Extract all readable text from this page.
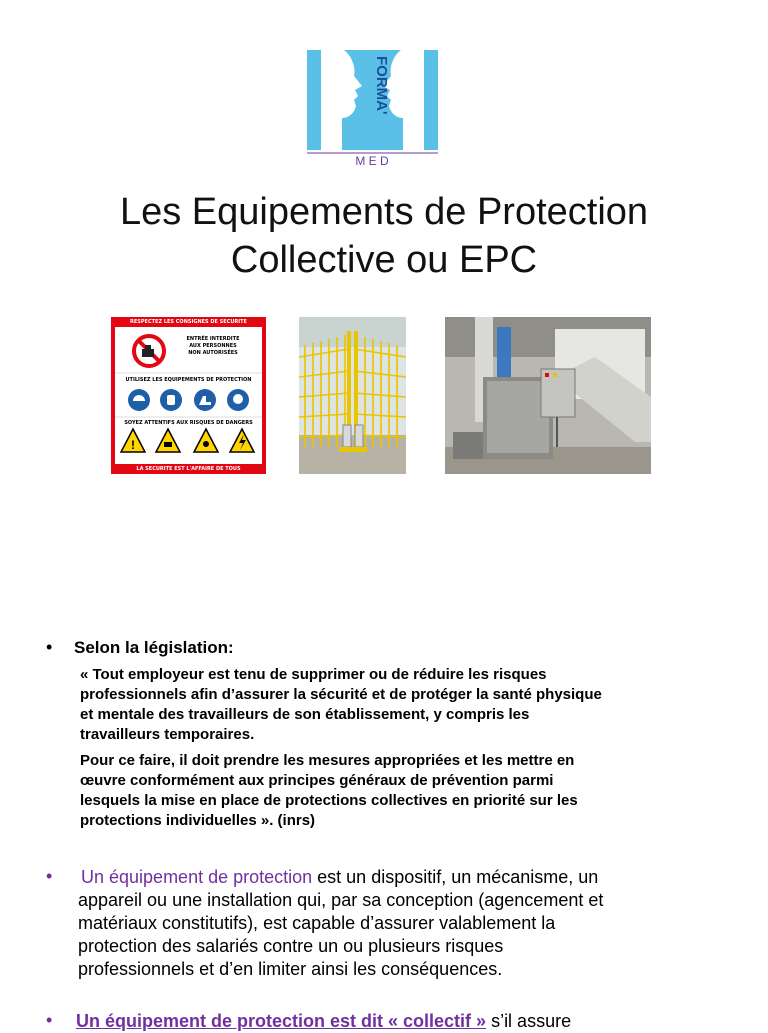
FORMA'
M E D
Les Equipements de Protection
Collective ou EPC
!
RESPECTEZ LES CONSIGNES DE SECURITE
ENTRÉE INTERDITE
AUX PERSONNES
NON AUTORISÉES
UTILISEZ LES EQUIPEMENTS DE PROTECTION
SOYEZ ATTENTIFS AUX RISQUES DE DANGERS
LA SECURITE EST L'AFFAIRE DE TOUS
• Selon la législation:
« Tout employeur est tenu de supprimer ou de réduire les risques
professionnels afin d’assurer la sécurité et de protéger la santé physique
et mentale des travailleurs de son établissement, y compris les
travailleurs temporaires.
Pour ce faire, il doit prendre les mesures appropriées et les mettre en
œuvre conformément aux principes généraux de prévention parmi
lesquels la mise en place de protections collectives en priorité sur les
protections individuelles ». (inrs)
• Un équipement de protection est un dispositif, un mécanisme, un
appareil ou une installation qui, par sa conception (agencement et
matériaux constitutifs), est capable d’assurer valablement la
protection des salariés contre un ou plusieurs risques
professionnels et d’en limiter ainsi les conséquences.
• Un équipement de protection est dit « collectif » s’il assure
